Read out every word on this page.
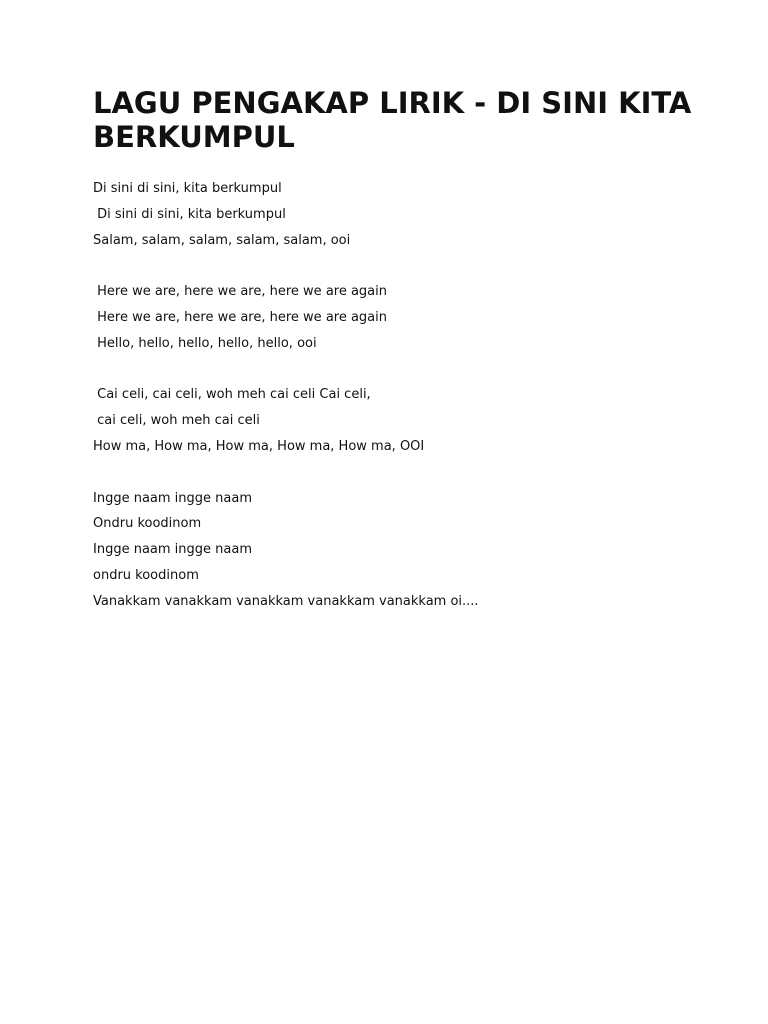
LAGU PENGAKAP LIRIK - DI SINI KITA BERKUMPUL
Di sini di sini, kita berkumpul
Di sini di sini, kita berkumpul
Salam, salam, salam, salam, salam, ooi
Here we are, here we are, here we are again
Here we are, here we are, here we are again
Hello, hello, hello, hello, hello, ooi
Cai celi, cai celi, woh meh cai celi Cai celi,
cai celi, woh meh cai celi
How ma, How ma, How ma, How ma, How ma, OOI
Ingge naam ingge naam
Ondru koodinom
Ingge naam ingge naam
ondru koodinom
Vanakkam vanakkam vanakkam vanakkam vanakkam oi....
